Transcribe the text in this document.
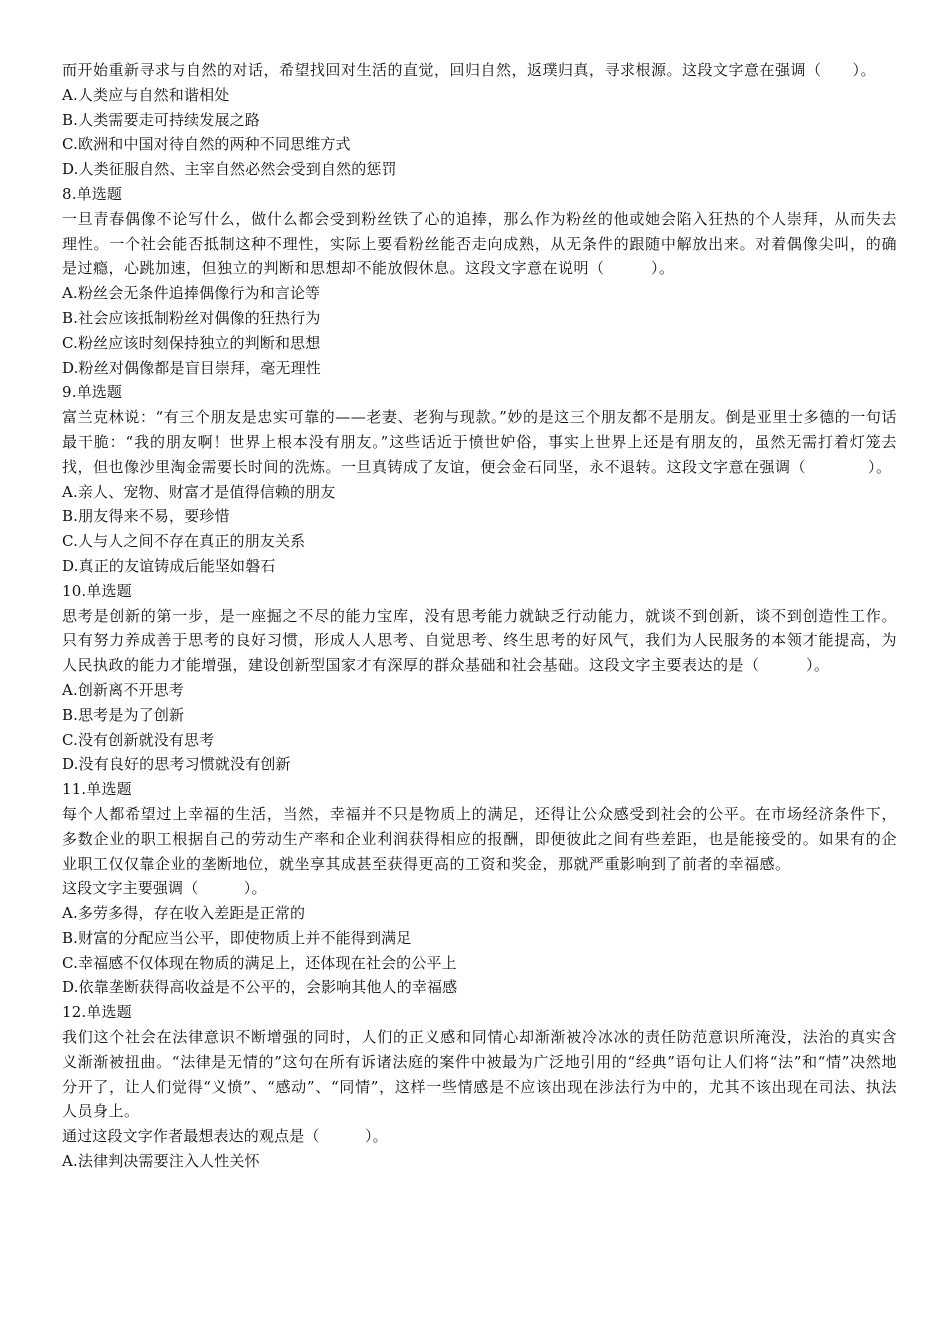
而开始重新寻求与自然的对话，希望找回对生活的直觉，回归自然，返璞归真，寻求根源。这段文字意在强调（　　）。
A.人类应与自然和谐相处
B.人类需要走可持续发展之路
C.欧洲和中国对待自然的两种不同思维方式
D.人类征服自然、主宰自然必然会受到自然的惩罚
8.单选题
一旦青春偶像不论写什么，做什么都会受到粉丝铁了心的追捧，那么作为粉丝的他或她会陷入狂热的个人崇拜，从而失去理性。一个社会能否抵制这种不理性，实际上要看粉丝能否走向成熟，从无条件的跟随中解放出来。对着偶像尖叫，的确是过瘾，心跳加速，但独立的判断和思想却不能放假休息。这段文字意在说明（　　　）。
A.粉丝会无条件追捧偶像行为和言论等
B.社会应该抵制粉丝对偶像的狂热行为
C.粉丝应该时刻保持独立的判断和思想
D.粉丝对偶像都是盲目崇拜，毫无理性
9.单选题
富兰克林说：“有三个朋友是忠实可靠的——老妻、老狗与现款。”妙的是这三个朋友都不是朋友。倒是亚里士多德的一句话最干脆：“我的朋友啊！世界上根本没有朋友。”这些话近于愤世妒俗，事实上世界上还是有朋友的，虽然无需打着灯笼去找，但也像沙里淘金需要长时间的洗炼。一旦真铸成了友谊，便会金石同坚，永不退转。这段文字意在强调（　　　　）。
A.亲人、宠物、财富才是值得信赖的朋友
B.朋友得来不易，要珍惜
C.人与人之间不存在真正的朋友关系
D.真正的友谊铸成后能坚如磐石
10.单选题
思考是创新的第一步，是一座掘之不尽的能力宝库，没有思考能力就缺乏行动能力，就谈不到创新，谈不到创造性工作。只有努力养成善于思考的良好习惯，形成人人思考、自觉思考、终生思考的好风气，我们为人民服务的本领才能提高，为人民执政的能力才能增强，建设创新型国家才有深厚的群众基础和社会基础。这段文字主要表达的是（　　　）。
A.创新离不开思考
B.思考是为了创新
C.没有创新就没有思考
D.没有良好的思考习惯就没有创新
11.单选题
每个人都希望过上幸福的生活，当然，幸福并不只是物质上的满足，还得让公众感受到社会的公平。在市场经济条件下，多数企业的职工根据自己的劳动生产率和企业利润获得相应的报酬，即便彼此之间有些差距，也是能接受的。如果有的企业职工仅仅靠企业的垄断地位，就坐享其成甚至获得更高的工资和奖金，那就严重影响到了前者的幸福感。
这段文字主要强调（　　　）。
A.多劳多得，存在收入差距是正常的
B.财富的分配应当公平，即使物质上并不能得到满足
C.幸福感不仅体现在物质的满足上，还体现在社会的公平上
D.依靠垄断获得高收益是不公平的，会影响其他人的幸福感
12.单选题
我们这个社会在法律意识不断增强的同时，人们的正义感和同情心却渐渐被冷冰冰的责任防范意识所淹没，法治的真实含义渐渐被扭曲。“法律是无情的”这句在所有诉诸法庭的案件中被最为广泛地引用的“经典”语句让人们将“法”和“情”决然地分开了，让人们觉得“义愤”、“感动”、“同情”，这样一些情感是不应该出现在涉法行为中的，尤其不该出现在司法、执法人员身上。
通过这段文字作者最想表达的观点是（　　　）。
A.法律判决需要注入人性关怀
